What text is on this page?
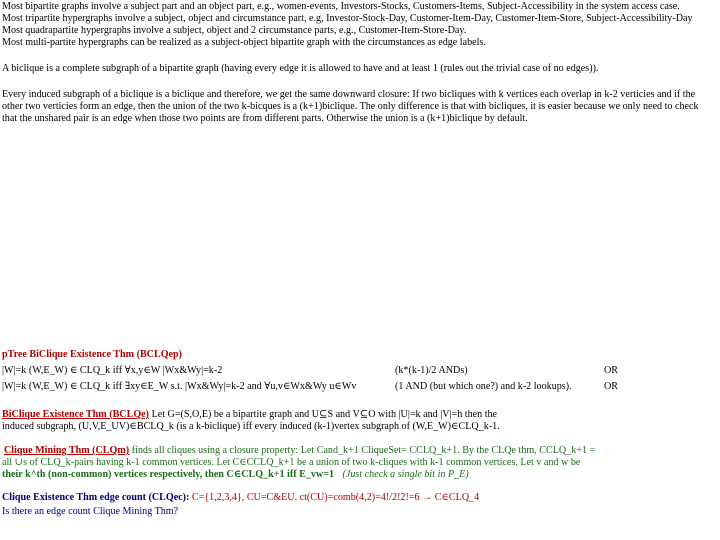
Most bipartite graphs involve a subject part and an object part, e.g., women-events, Investors-Stocks, Customers-Items, Subject-Accessibility in the system access case.
Most tripartite hypergraphs involve a subject, object and circumstance part, e.g, Investor-Stock-Day, Customer-Item-Day, Customer-Item-Store, Subject-Accessibility-Day
Most quadrapartite hypergraphs involve a subject, object and 2 circumstance parts, e.g., Customer-Item-Store-Day.
Most multi-partite hypergraphs can be realized as a subject-object bipartite graph with the circumstances as edge labels.
A biclique is a complete subgraph of a bipartite graph (having every edge it is allowed to have and at least 1 (rules out the trivial case of no edges)).
Every induced subgraph of a biclique is a biclique and therefore, we get the same downward closure: If two bicliques with k vertices each overlap in k-2 verticies and if the
other two verticies form an edge, then the union of the two k-bicques is a (k+1)biclique. The only difference is that with bicliques, it is easier because we only need to check
that the unshared pair is an edge when those two points are from different parts. Otherwise the union is a (k+1)biclique by default.
pTree BiClique Existence Thm (BCLQep)
|W|=k (W,E_W) ∈ CLQ_k iff ∀x,y∈W |Wx&Wy|=k-2	(k*(k-1)/2 ANDs)	OR
|W|=k (W,E_W) ∈ CLQ_k iff ∃xy∈E_W s.t. |Wx&Wy|=k-2 and ∀u,v∈Wx&Wy u∈Wv	(1 AND (but which one?) and k-2 lookups).	OR
BiClique Existence Thm (BCLQe) Let G=(S,O,E) be a bipartite graph and U⊆S and V⊆O with |U|=k and |V|=h then the
induced subgraph, (U,V,E_UV)∈BCLQ_k (is a k-biclique) iff every induced (k-1)vertex subgraph of (W,E_W)∈CLQ_k-1.
Clique Mining Thm (CLQm) finds all cliques using a closure property: Let Cand_k+1 CliqueSet= CCLQ_k+1. By the CLQe thm, CCLQ_k+1 =
all ∪s of CLQ_k-pairs having k-1 common vertices. Let C∈CCLQ_k+1 be a union of two k-cliques with k-1 common vertices. Let v and w be
their k^th (non-common) vertices respectively, then C∈CLQ_k+1 iff E_vw=1 (Just check a single bit in P_E)
Clique Existence Thm edge count (CLQec): C={1,2,3,4}, CU=C&EU. ct(CU)=comb(4,2)=4!/2!2!=6 → C∈CLQ_4
Is there an edge count Clique Mining Thm?
